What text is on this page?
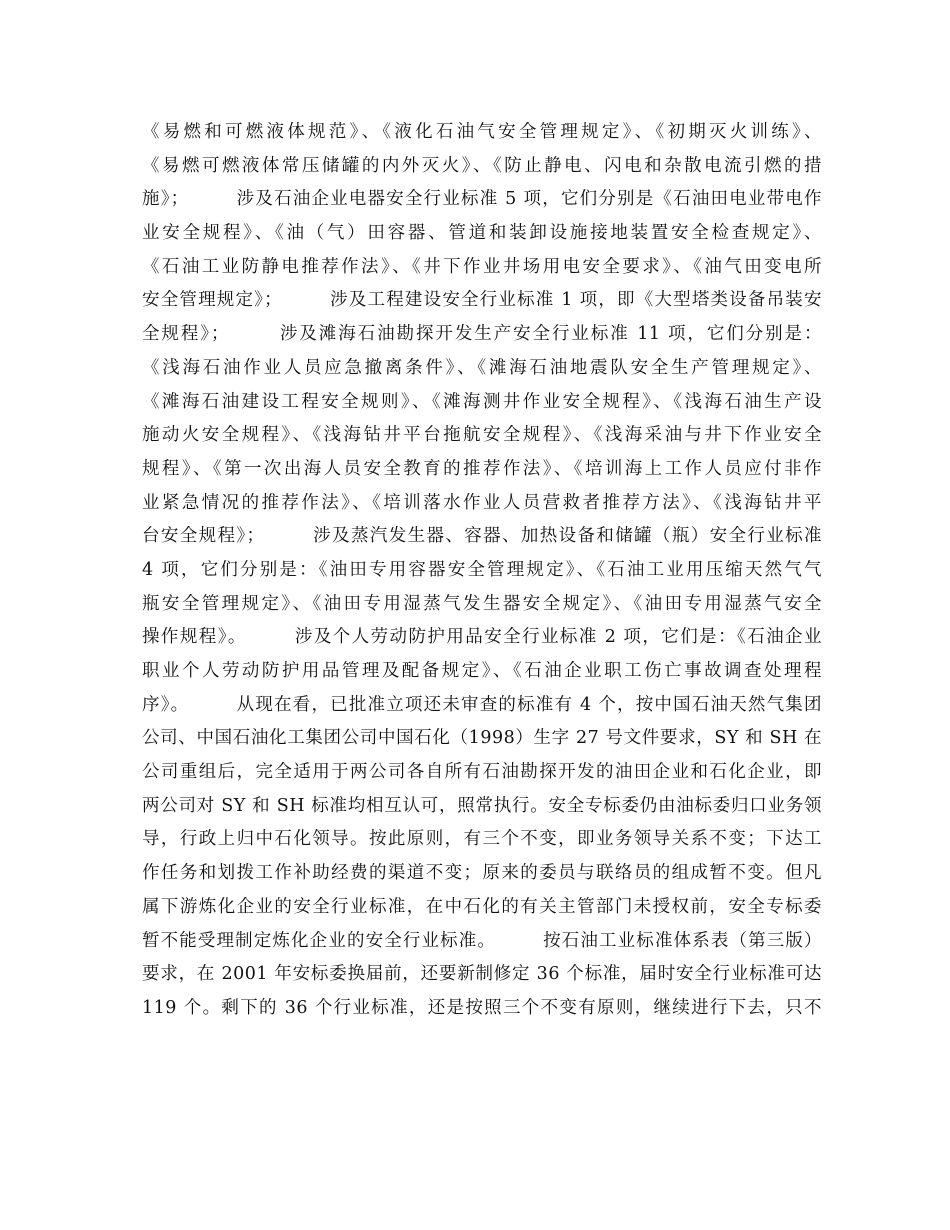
《易燃和可燃液体规范》、《液化石油气安全管理规定》、《初期灭火训练》、
《易燃可燃液体常压储罐的内外灭火》、《防止静电、闪电和杂散电流引燃的措
施》；　　　涉及石油企业电器安全行业标准 5 项，它们分别是《石油田电业带电作
业安全规程》、《油（气）田容器、管道和装卸设施接地装置安全检查规定》、
《石油工业防静电推荐作法》、《井下作业井场用电安全要求》、《油气田变电所
安全管理规定》；　　　涉及工程建设安全行业标准 1 项，即《大型塔类设备吊装安
全规程》；　　　涉及滩海石油勘探开发生产安全行业标准 11 项，它们分别是：
《浅海石油作业人员应急撤离条件》、《滩海石油地震队安全生产管理规定》、
《滩海石油建设工程安全规则》、《滩海测井作业安全规程》、《浅海石油生产设
施动火安全规程》、《浅海钻井平台拖航安全规程》、《浅海采油与井下作业安全
规程》、《第一次出海人员安全教育的推荐作法》、《培训海上工作人员应付非作
业紧急情况的推荐作法》、《培训落水作业人员营救者推荐方法》、《浅海钻井平
台安全规程》；　　　涉及蒸汽发生器、容器、加热设备和储罐（瓶）安全行业标准
4 项，它们分别是：《油田专用容器安全管理规定》、《石油工业用压缩天然气气
瓶安全管理规定》、《油田专用湿蒸气发生器安全规定》、《油田专用湿蒸气安全
操作规程》。　　　涉及个人劳动防护用品安全行业标准 2 项，它们是：《石油企业
职业个人劳动防护用品管理及配备规定》、《石油企业职工伤亡事故调查处理程
序》。　　　从现在看，已批准立项还未审查的标准有 4 个，按中国石油天然气集团
公司、中国石油化工集团公司中国石化（1998）生字 27 号文件要求，SY 和 SH 在
公司重组后，完全适用于两公司各自所有石油勘探开发的油田企业和石化企业，即
两公司对 SY 和 SH 标准均相互认可，照常执行。安全专标委仍由油标委归口业务领
导，行政上归中石化领导。按此原则，有三个不变，即业务领导关系不变；下达工
作任务和划拨工作补助经费的渠道不变；原来的委员与联络员的组成暂不变。但凡
属下游炼化企业的安全行业标准，在中石化的有关主管部门未授权前，安全专标委
暂不能受理制定炼化企业的安全行业标准。　　　按石油工业标准体系表（第三版）
要求，在 2001 年安标委换届前，还要新制修定 36 个标准，届时安全行业标准可达
119 个。剩下的 36 个行业标准，还是按照三个不变有原则，继续进行下去，只不
